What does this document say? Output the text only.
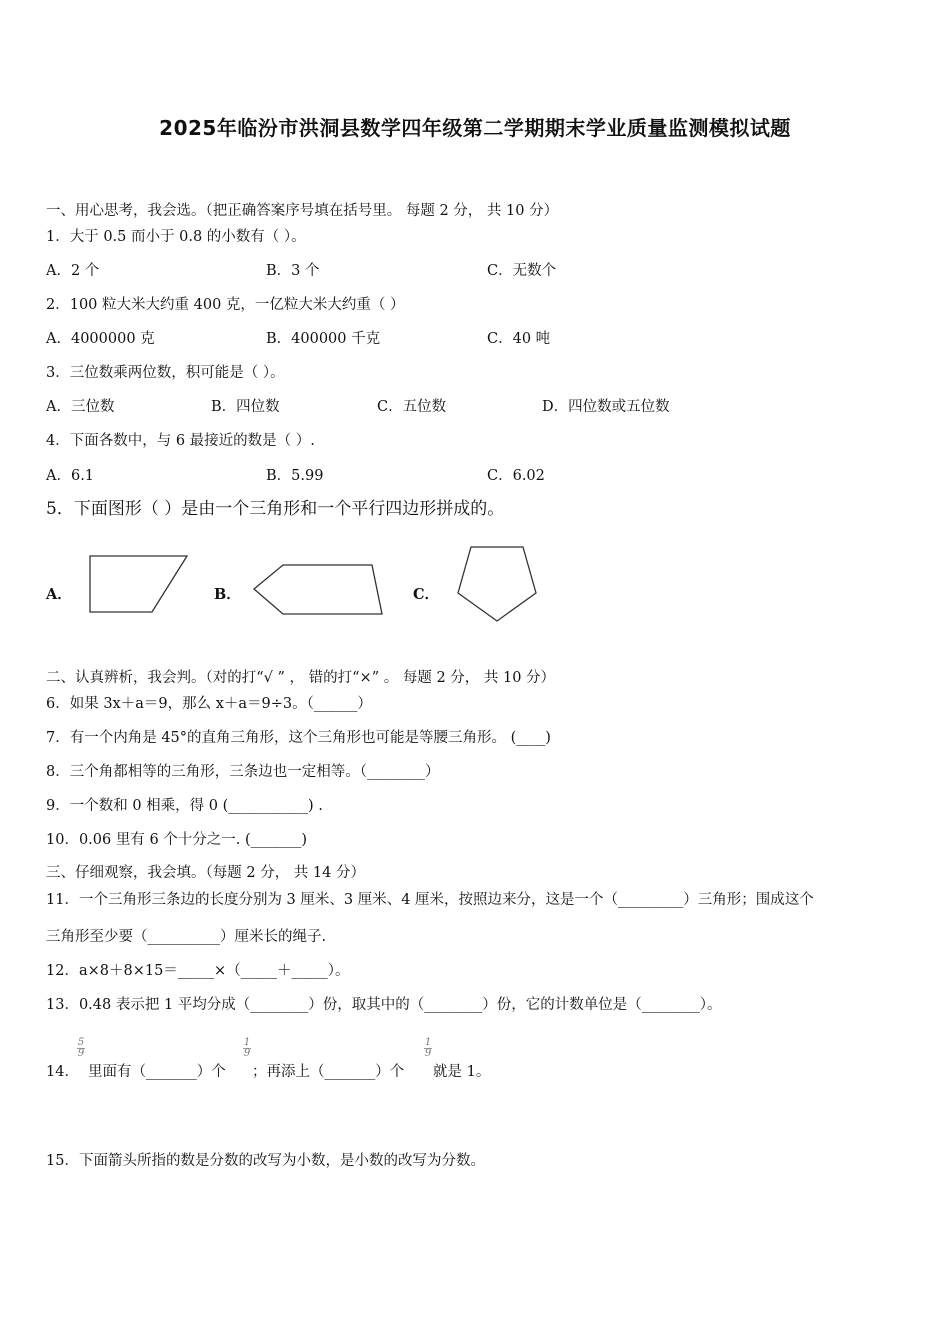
2025年临汾市洪洞县数学四年级第二学期期末学业质量监测模拟试题
一、用心思考，我会选。（把正确答案序号填在括号里。 每题 2 分， 共 10 分）
1．大于 0.5 而小于 0.8 的小数有（ ）。
A．2 个	B．3 个	C．无数个
2．100 粒大米大约重 400 克，一亿粒大米大约重（ ）
A．4000000 克	B．400000 千克	C．40 吨
3．三位数乘两位数，积可能是（ ）。
A．三位数	B．四位数	C．五位数	D．四位数或五位数
4．下面各数中，与 6 最接近的数是（ ）.
A．6.1	B．5.99	C．6.02
5．下面图形（ ）是由一个三角形和一个平行四边形拼成的。
A．	B．	C．
二、认真辨析，我会判。（对的打“√ ” ， 错的打“×” 。 每题 2 分， 共 10 分）
6．如果 3x＋a＝9，那么 x＋a＝9÷3。（______）
7．有一个内角是 45°的直角三角形，这个三角形也可能是等腰三角形。 (____)
8．三个角都相等的三角形，三条边也一定相等。（________）
9．一个数和 0 相乘，得 0 (___________) .
10．0.06 里有 6 个十分之一. (_______)
三、仔细观察，我会填。（每题 2 分， 共 14 分）
11．一个三角形三条边的长度分别为 3 厘米、3 厘米、4 厘米，按照边来分，这是一个（_________）三角形；围成这个
三角形至少要（__________）厘米长的绳子.
12．a×8＋8×15＝_____×（_____＋_____）。
13．0.48 表示把 1 平均分成（________）份，取其中的（________）份，它的计数单位是（________）。
14．
5
9
里面有（_______）个
1
9
；再添上（_______）个
1
9
就是 1。
15．下面箭头所指的数是分数的改写为小数，是小数的改写为分数。
